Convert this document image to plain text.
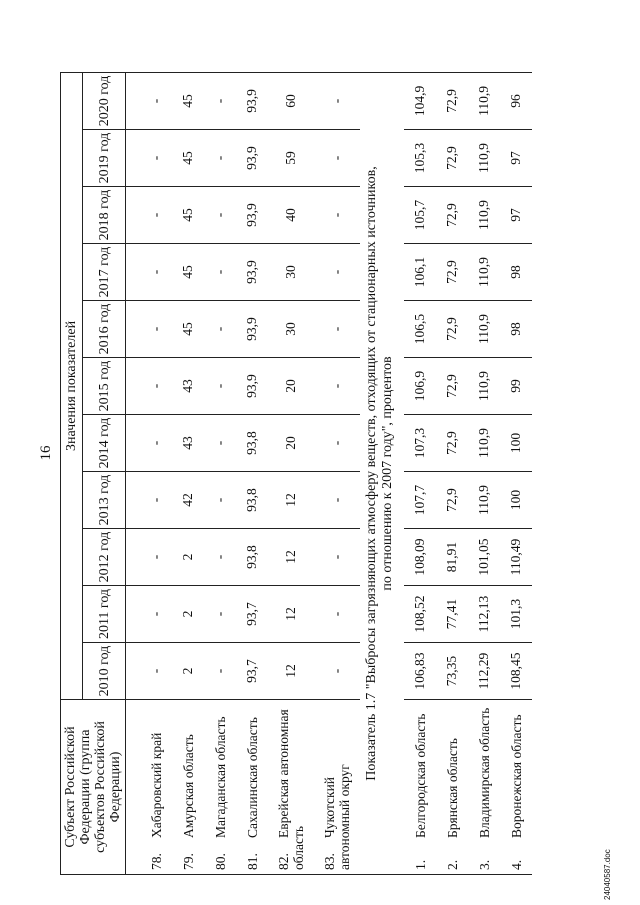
16
Субъект Российской Федерации (группа субъектов Российской Федерации)	Значения показателей										
	2010 год	2011 год	2012 год	2013 год	2014 год	2015 год	2016 год	2017 год	2018 год	2019 год	2020 год
78.Хабаровский край	-	-	-	-	-	-	-	-	-	-	-
79.Амурская область	2	2	2	42	43	43	45	45	45	45	45
80.Магаданская область	-	-	-	-	-	-	-	-	-	-	-
81.Сахалинская область	93,7	93,7	93,8	93,8	93,8	93,9	93,9	93,9	93,9	93,9	93,9
82.Еврейская автономная область	12	12	12	12	20	20	30	30	40	59	60
83.Чукотский автономный округ	-	-	-	-	-	-	-	-	-	-	-

Показатель 1.7 "Выбросы загрязняющих атмосферу веществ, отходящих от стационарных источников, по отношению к 2007 году", процентов											

1.Белгородская область	106,83	108,52	108,09	107,7	107,3	106,9	106,5	106,1	105,7	105,3	104,9
2.Брянская область	73,35	77,41	81,91	72,9	72,9	72,9	72,9	72,9	72,9	72,9	72,9
3.Владимирская область	112,29	112,13	101,05	110,9	110,9	110,9	110,9	110,9	110,9	110,9	110,9
4.Воронежская область	108,45	101,3	110,49	100	100	99	98	98	97	97	96
24040587.doc
